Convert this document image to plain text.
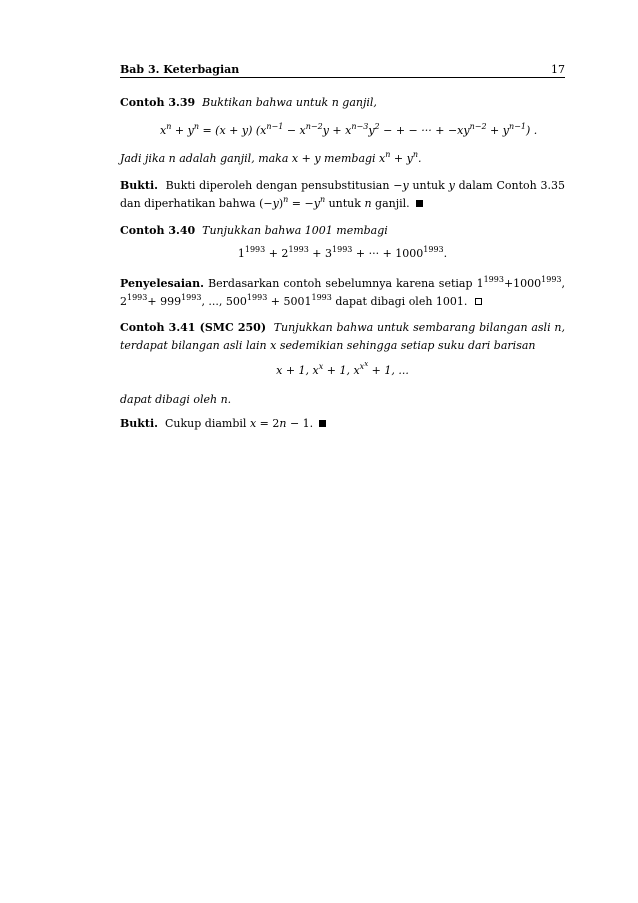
Bab 3. Keterbagian	17
Contoh 3.39 Buktikan bahwa untuk n ganjil,
$x^n + y^n = (x + y) (x^{n-1} - x^{n-2}y + x^{n-3}y^2$ − + − ··· + $-xy^{n-2} + y^{n-1}$) .
Jadi jika n adalah ganjil, maka x + y membagi $x^n + y^n$.
Bukti. Bukti diperoleh dengan pensubstitusian −y untuk y dalam Contoh 3.35 dan diperhatikan bahwa $(-y)^n = -y^n$ untuk n ganjil.
Contoh 3.40 Tunjukkan bahwa 1001 membagi
$1^{1993} + 2^{1993} + 3^{1993}$ + ··· + $1000^{1993}$.
Penyelesaian. Berdasarkan contoh sebelumnya karena setiap $1^{1993}+1000^{1993}$, $2^{1993}+ 999^{1993}$, ..., $500^{1993} + 5001^{1993}$ dapat dibagi oleh 1001.
Contoh 3.41 (SMC 250) Tunjukkan bahwa untuk sembarang bilangan asli n, terdapat bilangan asli lain x sedemikian sehingga setiap suku dari barisan
x + 1, $x^x + 1$, $x^{x^x} + 1$, ...
dapat dibagi oleh n.
Bukti. Cukup diambil x = 2n − 1.
